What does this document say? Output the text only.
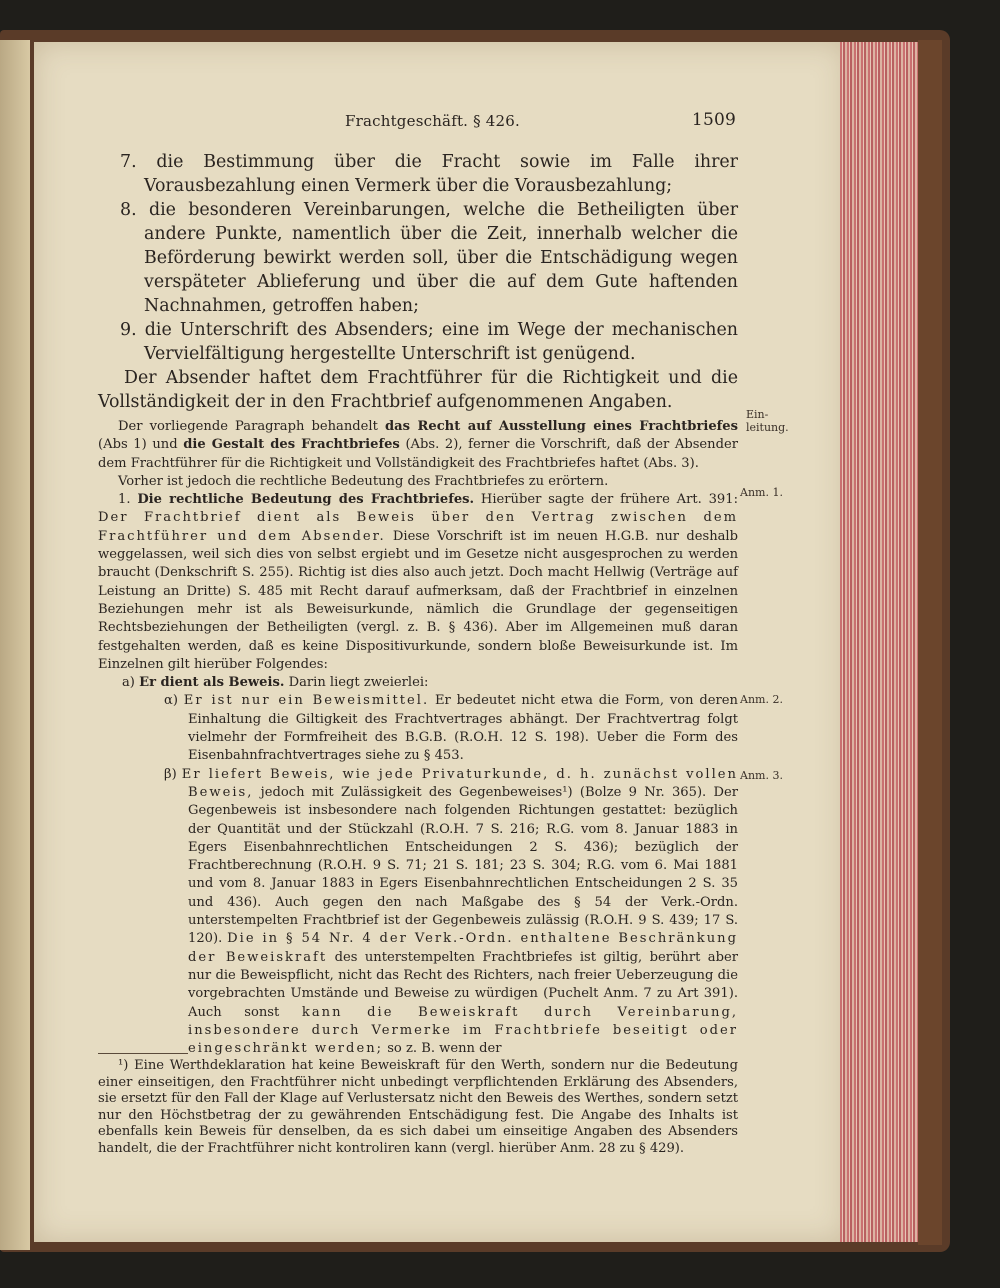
Frachtgeschäft. § 426.	1509
7. die Bestimmung über die Fracht sowie im Falle ihrer Vorausbezahlung einen Vermerk über die Vorausbezahlung;
8. die besonderen Vereinbarungen, welche die Betheiligten über andere Punkte, namentlich über die Zeit, innerhalb welcher die Beförderung bewirkt werden soll, über die Entschädigung wegen verspäteter Ablieferung und über die auf dem Gute haftenden Nachnahmen, getroffen haben;
9. die Unterschrift des Absenders; eine im Wege der mechanischen Vervielfältigung hergestellte Unterschrift ist genügend.

Der Absender haftet dem Frachtführer für die Richtigkeit und die Vollständigkeit der in den Frachtbrief aufgenommenen Angaben.

Der vorliegende Paragraph behandelt das Recht auf Ausstellung eines Frachtbriefes (Abs 1) und die Gestalt des Frachtbriefes (Abs. 2), ferner die Vorschrift, daß der Absender dem Frachtführer für die Richtigkeit und Vollständigkeit des Frachtbriefes haftet (Abs. 3).

Vorher ist jedoch die rechtliche Bedeutung des Frachtbriefes zu erörtern.

1. Die rechtliche Bedeutung des Frachtbriefes. Hierüber sagte der frühere Art. 391: Der Frachtbrief dient als Beweis über den Vertrag zwischen dem Frachtführer und dem Absender. Diese Vorschrift ist im neuen H.G.B. nur deshalb weggelassen, weil sich dies von selbst ergiebt und im Gesetze nicht ausgesprochen zu werden braucht (Denkschrift S. 255). Richtig ist dies also auch jetzt. Doch macht Hellwig (Verträge auf Leistung an Dritte) S. 485 mit Recht darauf aufmerksam, daß der Frachtbrief in einzelnen Beziehungen mehr ist als Beweisurkunde, nämlich die Grundlage der gegenseitigen Rechtsbeziehungen der Betheiligten (vergl. z. B. § 436). Aber im Allgemeinen muß daran festgehalten werden, daß es keine Dispositivurkunde, sondern bloße Beweisurkunde ist. Im Einzelnen gilt hierüber Folgendes:

a) Er dient als Beweis. Darin liegt zweierlei:

α) Er ist nur ein Beweismittel. Er bedeutet nicht etwa die Form, von deren Einhaltung die Giltigkeit des Frachtvertrages abhängt. Der Frachtvertrag folgt vielmehr der Formfreiheit des B.G.B. (R.O.H. 12 S. 198). Ueber die Form des Eisenbahnfrachtvertrages siehe zu § 453.

β) Er liefert Beweis, wie jede Privaturkunde, d. h. zunächst vollen Beweis, jedoch mit Zulässigkeit des Gegenbeweises¹) (Bolze 9 Nr. 365). Der Gegenbeweis ist insbesondere nach folgenden Richtungen gestattet: bezüglich der Quantität und der Stückzahl (R.O.H. 7 S. 216; R.G. vom 8. Januar 1883 in Egers Eisenbahnrechtlichen Entscheidungen 2 S. 436); bezüglich der Frachtberechnung (R.O.H. 9 S. 71; 21 S. 181; 23 S. 304; R.G. vom 6. Mai 1881 und vom 8. Januar 1883 in Egers Eisenbahnrechtlichen Entscheidungen 2 S. 35 und 436). Auch gegen den nach Maßgabe des § 54 der Verk.-Ordn. unterstempelten Frachtbrief ist der Gegenbeweis zulässig (R.O.H. 9 S. 439; 17 S. 120). Die in § 54 Nr. 4 der Verk.-Ordn. enthaltene Beschränkung der Beweiskraft des unterstempelten Frachtbriefes ist giltig, berührt aber nur die Beweispflicht, nicht das Recht des Richters, nach freier Ueberzeugung die vorgebrachten Umstände und Beweise zu würdigen (Puchelt Anm. 7 zu Art 391). Auch sonst kann die Beweiskraft durch Vereinbarung, insbesondere durch Vermerke im Frachtbriefe beseitigt oder eingeschränkt werden; so z. B. wenn der

Ein-leitung.
Anm. 1.
Anm. 2.
Anm. 3.
¹) Eine Werthdeklaration hat keine Beweiskraft für den Werth, sondern nur die Bedeutung einer einseitigen, den Frachtführer nicht unbedingt verpflichtenden Erklärung des Absenders, sie ersetzt für den Fall der Klage auf Verlustersatz nicht den Beweis des Werthes, sondern setzt nur den Höchstbetrag der zu gewährenden Entschädigung fest. Die Angabe des Inhalts ist ebenfalls kein Beweis für denselben, da es sich dabei um einseitige Angaben des Absenders handelt, die der Frachtführer nicht kontroliren kann (vergl. hierüber Anm. 28 zu § 429).
